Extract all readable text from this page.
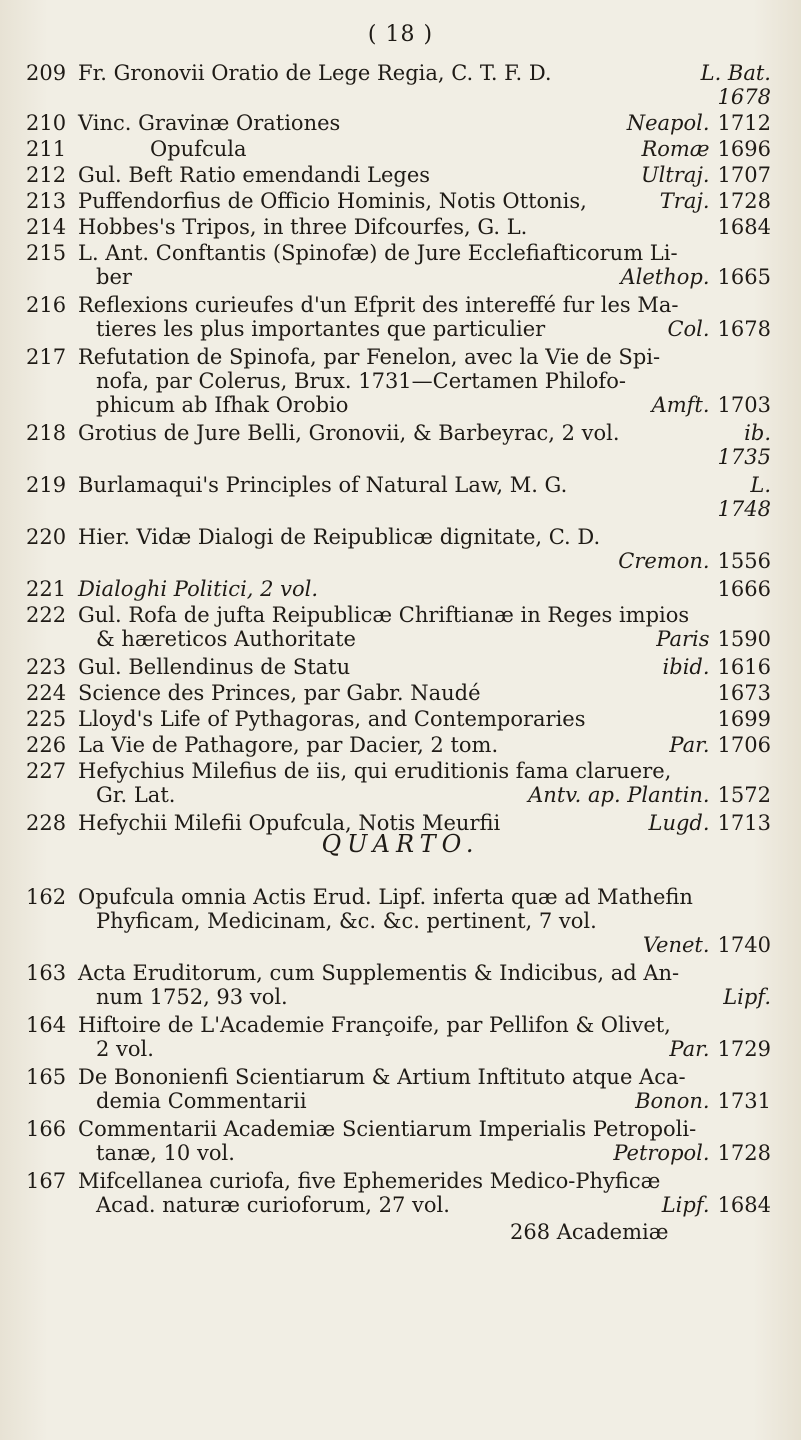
( 18 )
209 Fr. Gronovii Oratio de Lege Regia, C. T. F. D.	L. Bat.
1678
210 Vinc. Gravinæ Orationes	Neapol. 1712
211	Opufcula	Romæ 1696
212 Gul. Beft Ratio emendandi Leges	Ultraj. 1707
213 Puffendorfius de Officio Hominis, Notis Ottonis,	Traj. 1728
214 Hobbes's Tripos, in three Difcourfes, G. L.	1684
215 L. Ant. Conftantis (Spinofæ) de Jure Ecclefiafticorum Li-
ber	Alethop. 1665
216 Reflexions curieufes d'un Efprit des intereffé fur les Ma-
tieres les plus importantes que particulier	Col. 1678
217 Refutation de Spinofa, par Fenelon, avec la Vie de Spi-
nofa, par Colerus, Brux. 1731—Certamen Philofo-
phicum ab Ifhak Orobio	Amft. 1703
218 Grotius de Jure Belli, Gronovii, & Barbeyrac, 2 vol.	ib.
1735
219 Burlamaqui's Principles of Natural Law, M. G.	L.
1748
220 Hier. Vidæ Dialogi de Reipublicæ dignitate, C. D.
Cremon. 1556
221 Dialoghi Politici, 2 vol.	1666
222 Gul. Rofa de jufta Reipublicæ Chriftianæ in Reges impios
& hæreticos Authoritate	Paris 1590
223 Gul. Bellendinus de Statu	ibid. 1616
224 Science des Princes, par Gabr. Naudé	1673
225 Lloyd's Life of Pythagoras, and Contemporaries	1699
226 La Vie de Pathagore, par Dacier, 2 tom.	Par. 1706
227 Hefychius Milefius de iis, qui eruditionis fama claruere,
Gr. Lat.	Antv. ap. Plantin. 1572
228 Hefychii Milefii Opufcula, Notis Meurfii	Lugd. 1713
QUARTO.
162 Opufcula omnia Actis Erud. Lipf. inferta quæ ad Mathefin
Phyficam, Medicinam, &c. &c. pertinent, 7 vol.
Venet. 1740
163 Acta Eruditorum, cum Supplementis & Indicibus, ad An-
num 1752, 93 vol.	Lipf.
164 Hiftoire de L'Academie Françoife, par Pellifon & Olivet,
2 vol.	Par. 1729
165 De Bononienfi Scientiarum & Artium Inftituto atque Aca-
demia Commentarii	Bonon. 1731
166 Commentarii Academiæ Scientiarum Imperialis Petropoli-
tanæ, 10 vol.	Petropol. 1728
167 Mifcellanea curiofa, five Ephemerides Medico-Phyficæ
Acad. naturæ curioforum, 27 vol.	Lipf. 1684
268 Academiæ
